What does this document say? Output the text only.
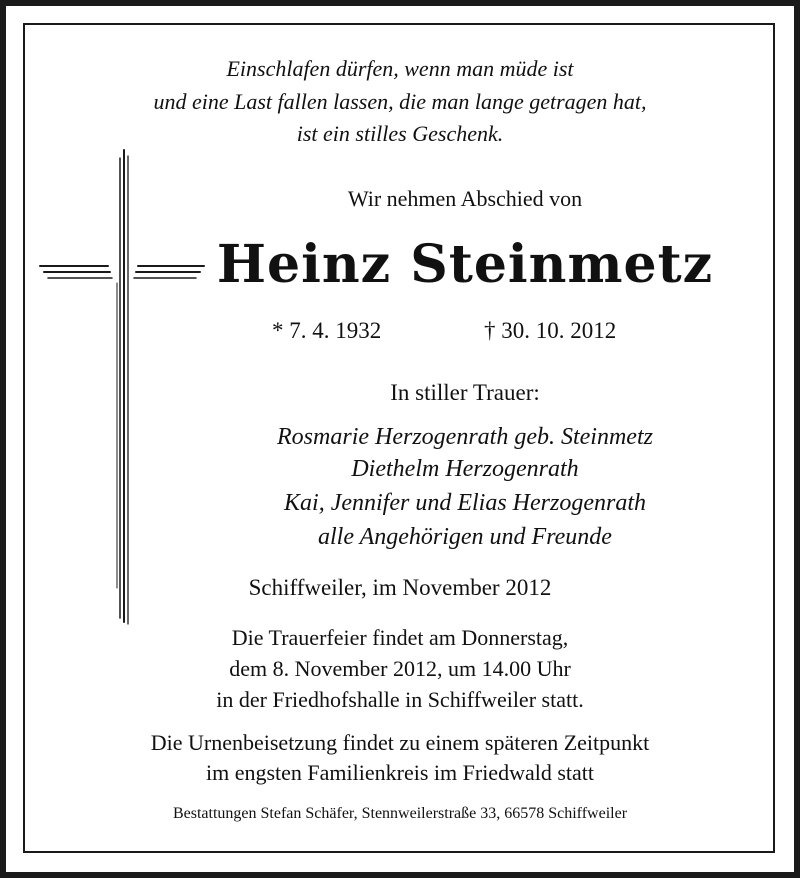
Einschlafen dürfen, wenn man müde ist
und eine Last fallen lassen, die man lange getragen hat,
ist ein stilles Geschenk.
Wir nehmen Abschied von
Heinz Steinmetz
* 7. 4. 1932	† 30. 10. 2012
In stiller Trauer:
Rosmarie Herzogenrath geb. Steinmetz
Diethelm Herzogenrath
Kai, Jennifer und Elias Herzogenrath
alle Angehörigen und Freunde
Schiffweiler, im November 2012
Die Trauerfeier findet am Donnerstag,
dem 8. November 2012, um 14.00 Uhr
in der Friedhofshalle in Schiffweiler statt.
Die Urnenbeisetzung findet zu einem späteren Zeitpunkt
im engsten Familienkreis im Friedwald statt
Bestattungen Stefan Schäfer, Stennweilerstraße 33, 66578 Schiffweiler
